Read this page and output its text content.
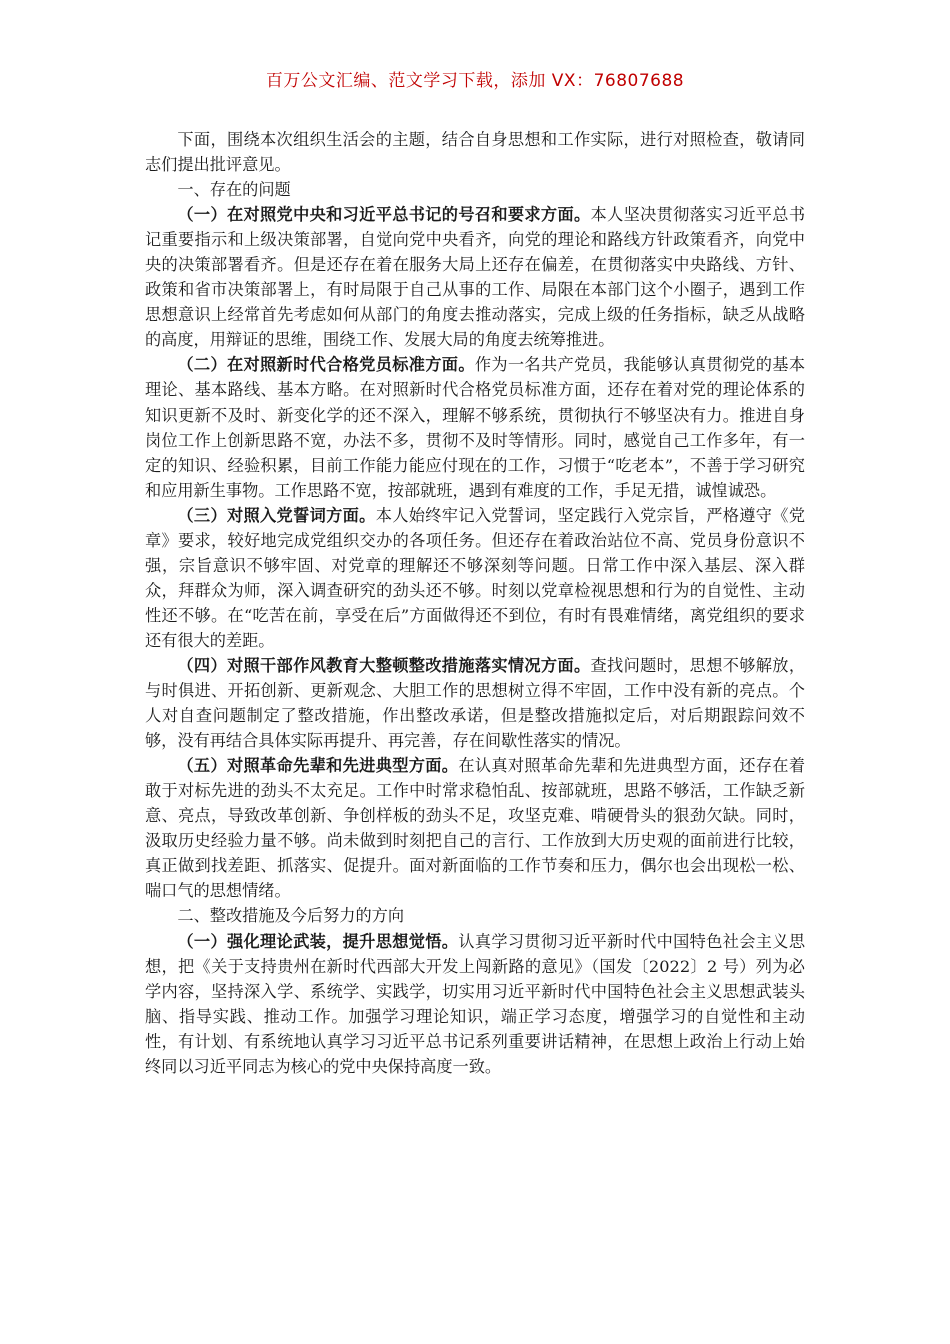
百万公文汇编、范文学习下载，添加 VX：76807688

下面，围绕本次组织生活会的主题，结合自身思想和工作实际，进行对照检查，敬请同志们提出批评意见。

一、存在的问题

（一）在对照党中央和习近平总书记的号召和要求方面。本人坚决贯彻落实习近平总书记重要指示和上级决策部署，自觉向党中央看齐，向党的理论和路线方针政策看齐，向党中央的决策部署看齐。但是还存在着在服务大局上还存在偏差，在贯彻落实中央路线、方针、政策和省市决策部署上，有时局限于自己从事的工作、局限在本部门这个小圈子，遇到工作思想意识上经常首先考虑如何从部门的角度去推动落实，完成上级的任务指标，缺乏从战略的高度，用辩证的思维，围绕工作、发展大局的角度去统筹推进。

（二）在对照新时代合格党员标准方面。作为一名共产党员，我能够认真贯彻党的基本理论、基本路线、基本方略。在对照新时代合格党员标准方面，还存在着对党的理论体系的知识更新不及时、新变化学的还不深入，理解不够系统，贯彻执行不够坚决有力。推进自身岗位工作上创新思路不宽，办法不多，贯彻不及时等情形。同时，感觉自己工作多年，有一定的知识、经验积累，目前工作能力能应付现在的工作，习惯于“吃老本”，不善于学习研究和应用新生事物。工作思路不宽，按部就班，遇到有难度的工作，手足无措，诚惶诚恐。

（三）对照入党誓词方面。本人始终牢记入党誓词，坚定践行入党宗旨，严格遵守《党章》要求，较好地完成党组织交办的各项任务。但还存在着政治站位不高、党员身份意识不强，宗旨意识不够牢固、对党章的理解还不够深刻等问题。日常工作中深入基层、深入群众，拜群众为师，深入调查研究的劲头还不够。时刻以党章检视思想和行为的自觉性、主动性还不够。在“吃苦在前，享受在后”方面做得还不到位，有时有畏难情绪，离党组织的要求还有很大的差距。

（四）对照干部作风教育大整顿整改措施落实情况方面。查找问题时，思想不够解放，与时俱进、开拓创新、更新观念、大胆工作的思想树立得不牢固，工作中没有新的亮点。个人对自查问题制定了整改措施，作出整改承诺，但是整改措施拟定后，对后期跟踪问效不够，没有再结合具体实际再提升、再完善，存在间歇性落实的情况。

（五）对照革命先辈和先进典型方面。在认真对照革命先辈和先进典型方面，还存在着敢于对标先进的劲头不太充足。工作中时常求稳怕乱、按部就班，思路不够活，工作缺乏新意、亮点，导致改革创新、争创样板的劲头不足，攻坚克难、啃硬骨头的狠劲欠缺。同时，汲取历史经验力量不够。尚未做到时刻把自己的言行、工作放到大历史观的面前进行比较，真正做到找差距、抓落实、促提升。面对新面临的工作节奏和压力，偶尔也会出现松一松、喘口气的思想情绪。

二、整改措施及今后努力的方向

（一）强化理论武装，提升思想觉悟。认真学习贯彻习近平新时代中国特色社会主义思想，把《关于支持贵州在新时代西部大开发上闯新路的意见》（国发〔2022〕2 号）列为必学内容，坚持深入学、系统学、实践学，切实用习近平新时代中国特色社会主义思想武装头脑、指导实践、推动工作。加强学习理论知识，端正学习态度，增强学习的自觉性和主动性，有计划、有系统地认真学习习近平总书记系列重要讲话精神，在思想上政治上行动上始终同以习近平同志为核心的党中央保持高度一致。
